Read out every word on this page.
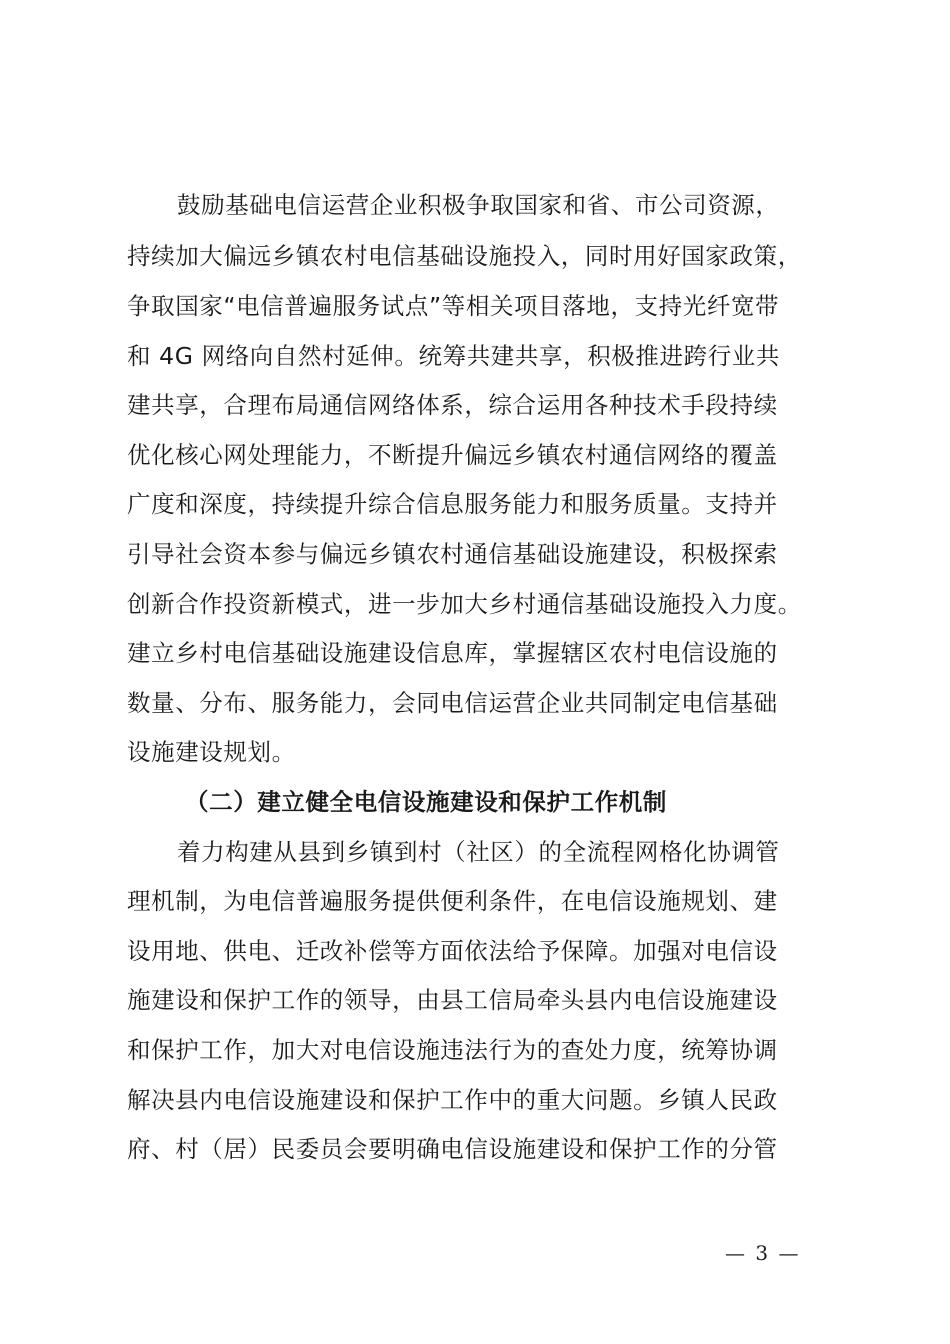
鼓励基础电信运营企业积极争取国家和省、市公司资源，
持续加大偏远乡镇农村电信基础设施投入，同时用好国家政策，
争取国家“电信普遍服务试点”等相关项目落地，支持光纤宽带
和 4G 网络向自然村延伸。统筹共建共享，积极推进跨行业共
建共享，合理布局通信网络体系，综合运用各种技术手段持续
优化核心网处理能力，不断提升偏远乡镇农村通信网络的覆盖
广度和深度，持续提升综合信息服务能力和服务质量。支持并
引导社会资本参与偏远乡镇农村通信基础设施建设，积极探索
创新合作投资新模式，进一步加大乡村通信基础设施投入力度。
建立乡村电信基础设施建设信息库，掌握辖区农村电信设施的
数量、分布、服务能力，会同电信运营企业共同制定电信基础
设施建设规划。
（二）建立健全电信设施建设和保护工作机制
着力构建从县到乡镇到村（社区）的全流程网格化协调管
理机制，为电信普遍服务提供便利条件，在电信设施规划、建
设用地、供电、迁改补偿等方面依法给予保障。加强对电信设
施建设和保护工作的领导，由县工信局牵头县内电信设施建设
和保护工作，加大对电信设施违法行为的查处力度，统筹协调
解决县内电信设施建设和保护工作中的重大问题。乡镇人民政
府、村（居）民委员会要明确电信设施建设和保护工作的分管
— 3 —
